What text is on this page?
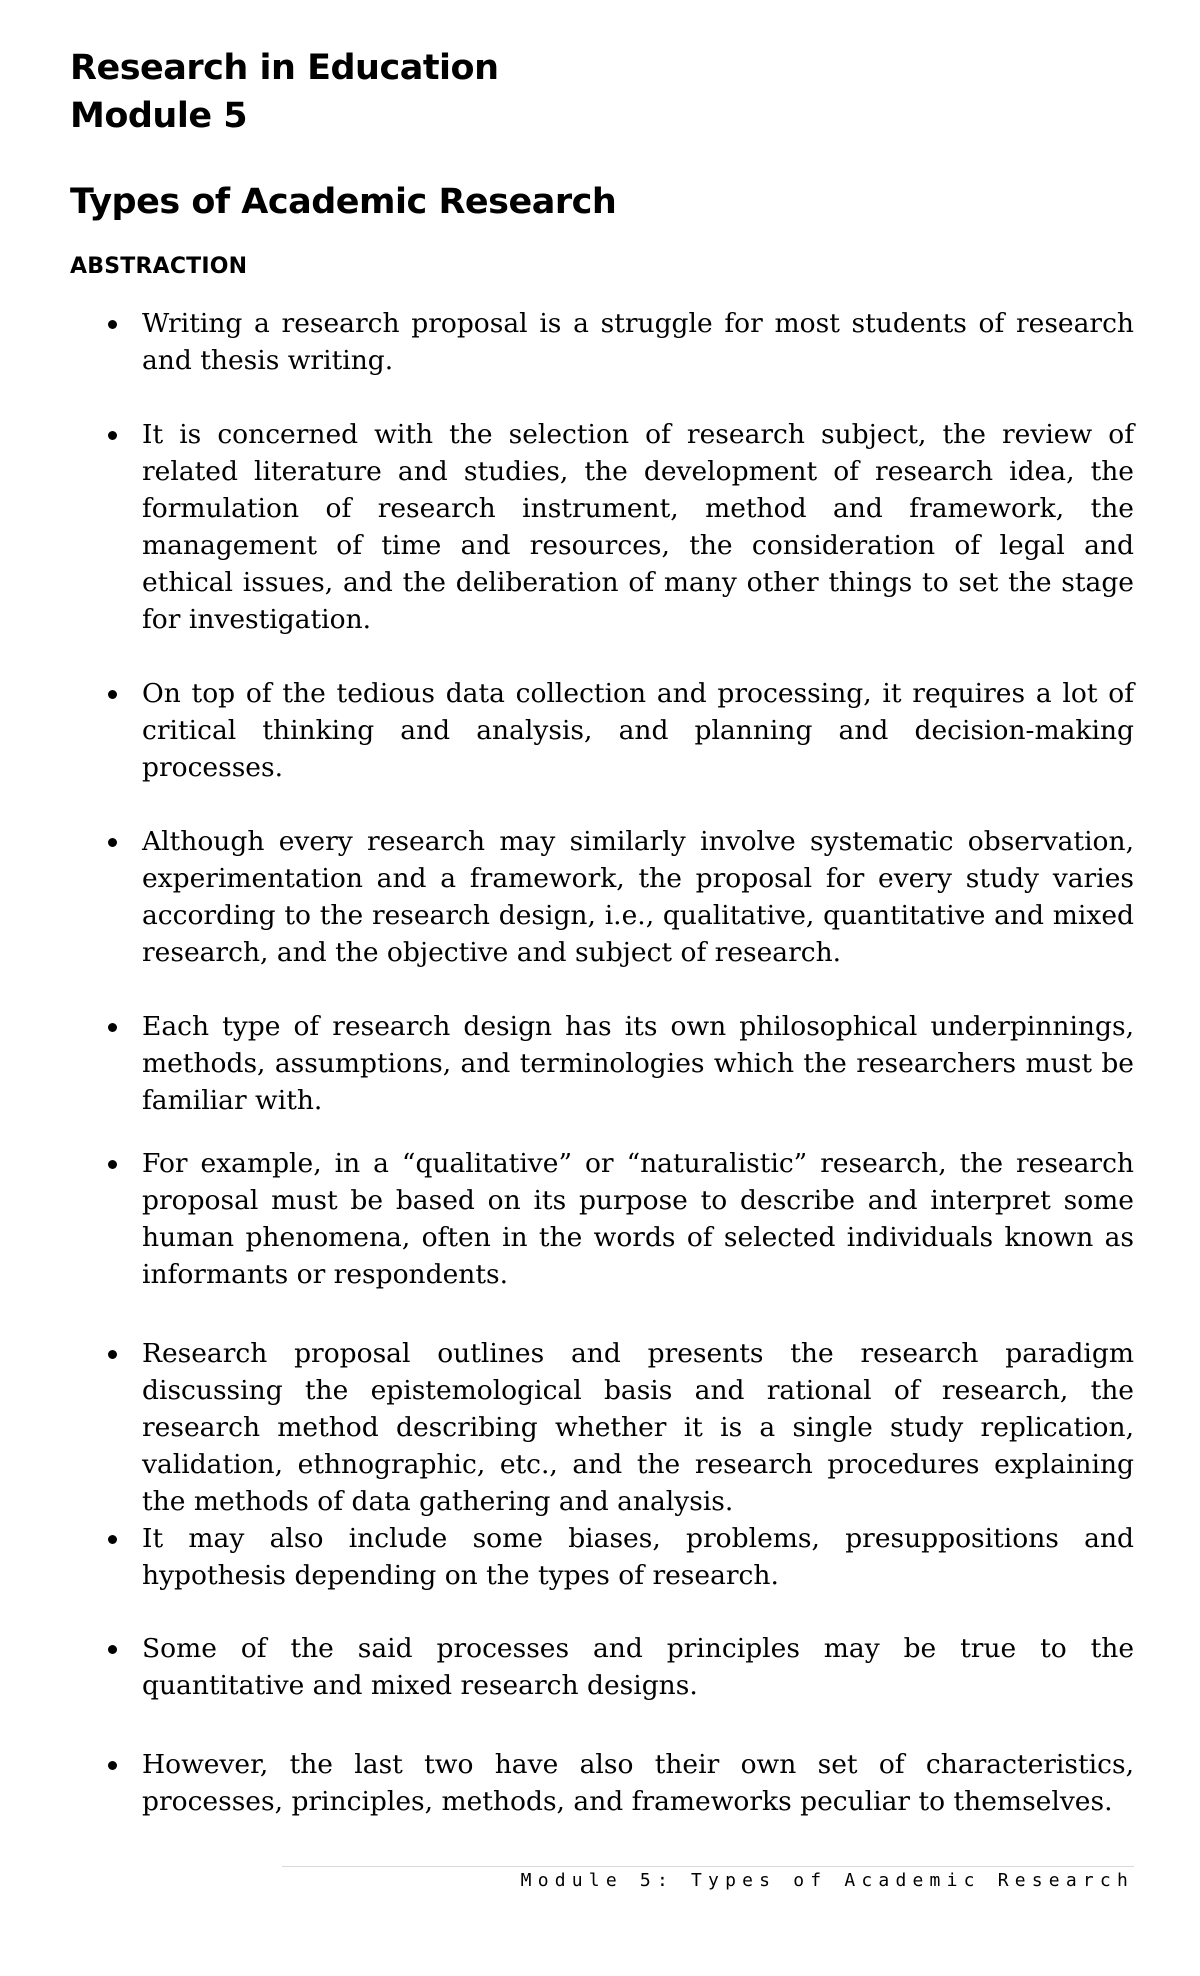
Research in Education
Module 5
Types of Academic Research
ABSTRACTION
Writing a research proposal is a struggle for most students of research and thesis writing.
It is concerned with the selection of research subject, the review of related literature and studies, the development of research idea, the formulation of research instrument, method and framework, the management of time and resources, the consideration of legal and ethical issues, and the deliberation of many other things to set the stage for investigation.
On top of the tedious data collection and processing, it requires a lot of critical thinking and analysis, and planning and decision-making processes.
Although every research may similarly involve systematic observation, experimentation and a framework, the proposal for every study varies according to the research design, i.e., qualitative, quantitative and mixed research, and the objective and subject of research.
Each type of research design has its own philosophical underpinnings, methods, assumptions, and terminologies which the researchers must be familiar with.
For example, in a “qualitative” or “naturalistic” research, the research proposal must be based on its purpose to describe and interpret some human phenomena, often in the words of selected individuals known as informants or respondents.
Research proposal outlines and presents the research paradigm discussing the epistemological basis and rational of research, the research method describing whether it is a single study replication, validation, ethnographic, etc., and the research procedures explaining the methods of data gathering and analysis.
It may also include some biases, problems, presuppositions and hypothesis depending on the types of research.
Some of the said processes and principles may be true to the quantitative and mixed research designs.
However, the last two have also their own set of characteristics, processes, principles, methods, and frameworks peculiar to themselves.
Module 5: Types of Academic Research
